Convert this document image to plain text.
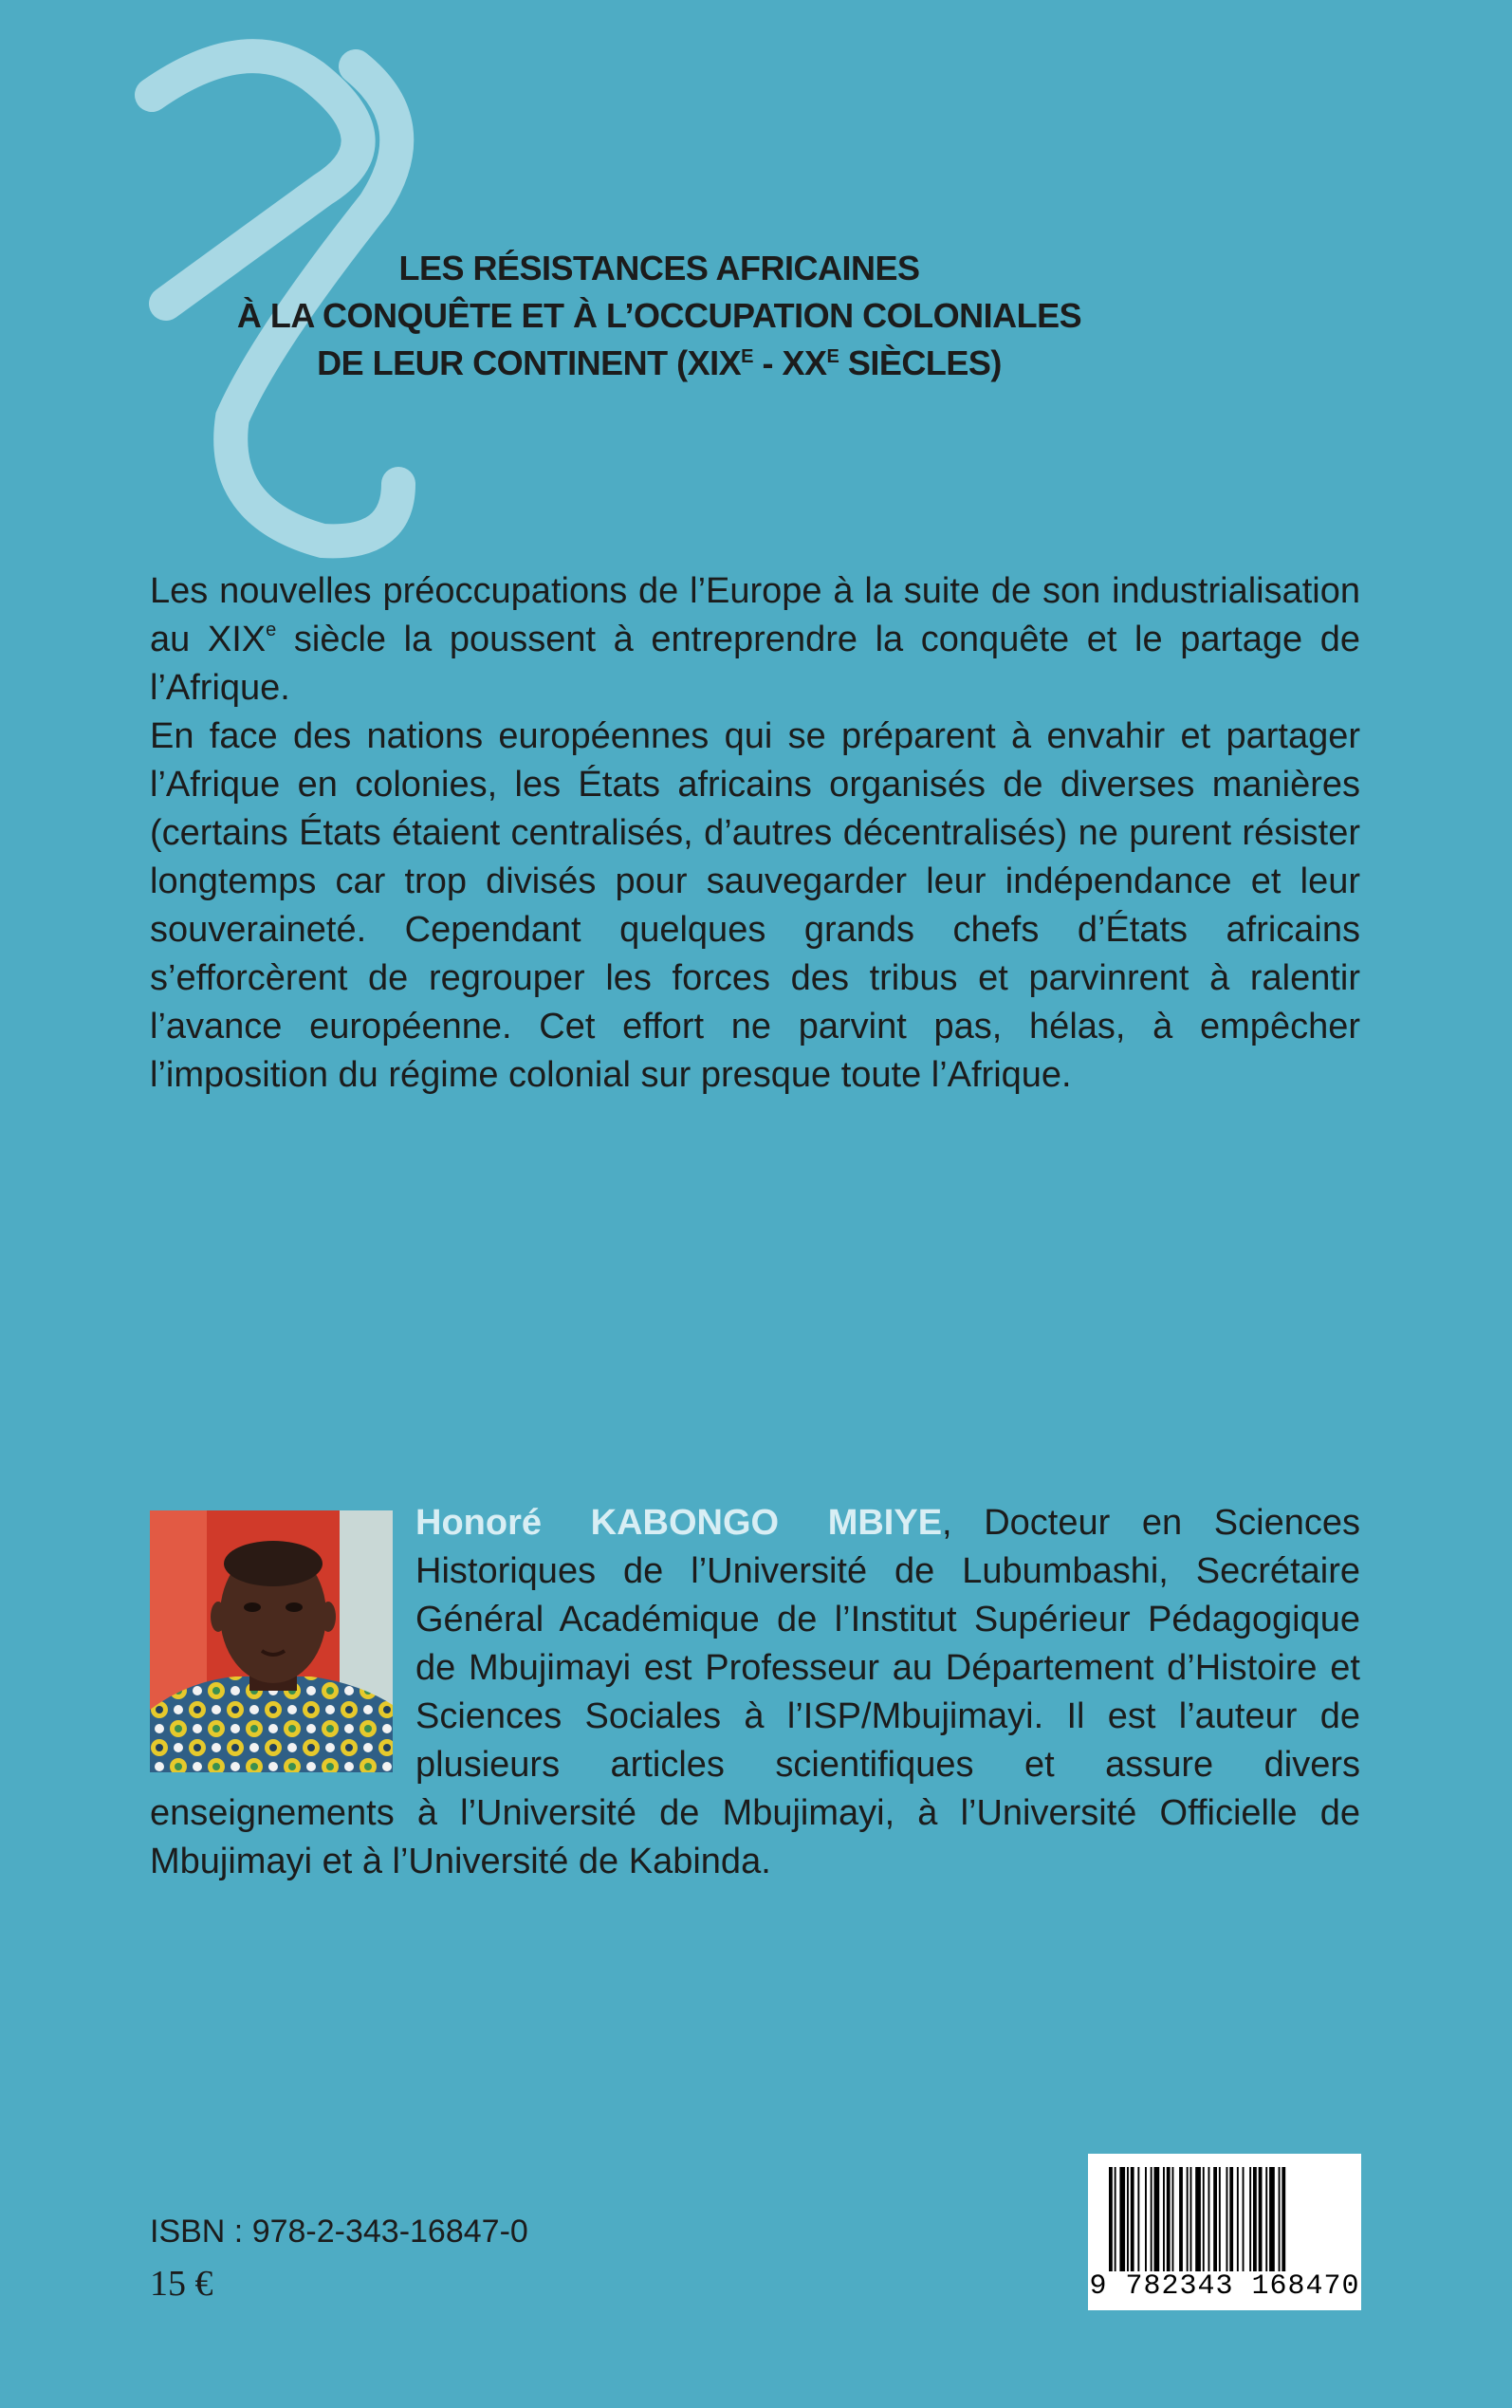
LES RÉSISTANCES AFRICAINES
À LA CONQUÊTE ET À L’OCCUPATION COLONIALES
DE LEUR CONTINENT ($XIX^E - XX^E$ SIÈCLES)
Les nouvelles préoccupations de l’Europe à la suite de son industrialisation au XIXe siècle la poussent à entreprendre la conquête et le partage de l’Afrique.
En face des nations européennes qui se préparent à envahir et partager l’Afrique en colonies, les États africains organisés de diverses manières (certains États étaient centralisés, d’autres décentralisés) ne purent résister longtemps car trop divisés pour sauvegarder leur indépendance et leur souveraineté. Cependant quelques grands chefs d’États africains s’efforcèrent de regrouper les forces des tribus et parvinrent à ralentir l’avance européenne. Cet effort ne parvint pas, hélas, à empêcher l’imposition du régime colonial sur presque toute l’Afrique.
Honoré KABONGO MBIYE, Docteur en Sciences Historiques de l’Université de Lubumbashi, Secrétaire Général Académique de l’Institut Supérieur Pédagogique de Mbujimayi est Professeur au Département d’Histoire et Sciences Sociales à l’ISP/Mbujimayi. Il est l’auteur de plusieurs articles scientifiques et assure divers enseignements à l’Université de Mbujimayi, à l’Université Officielle de Mbujimayi et à l’Université de Kabinda.
ISBN : 978-2-343-16847-0
15 €	9 782343 168470
